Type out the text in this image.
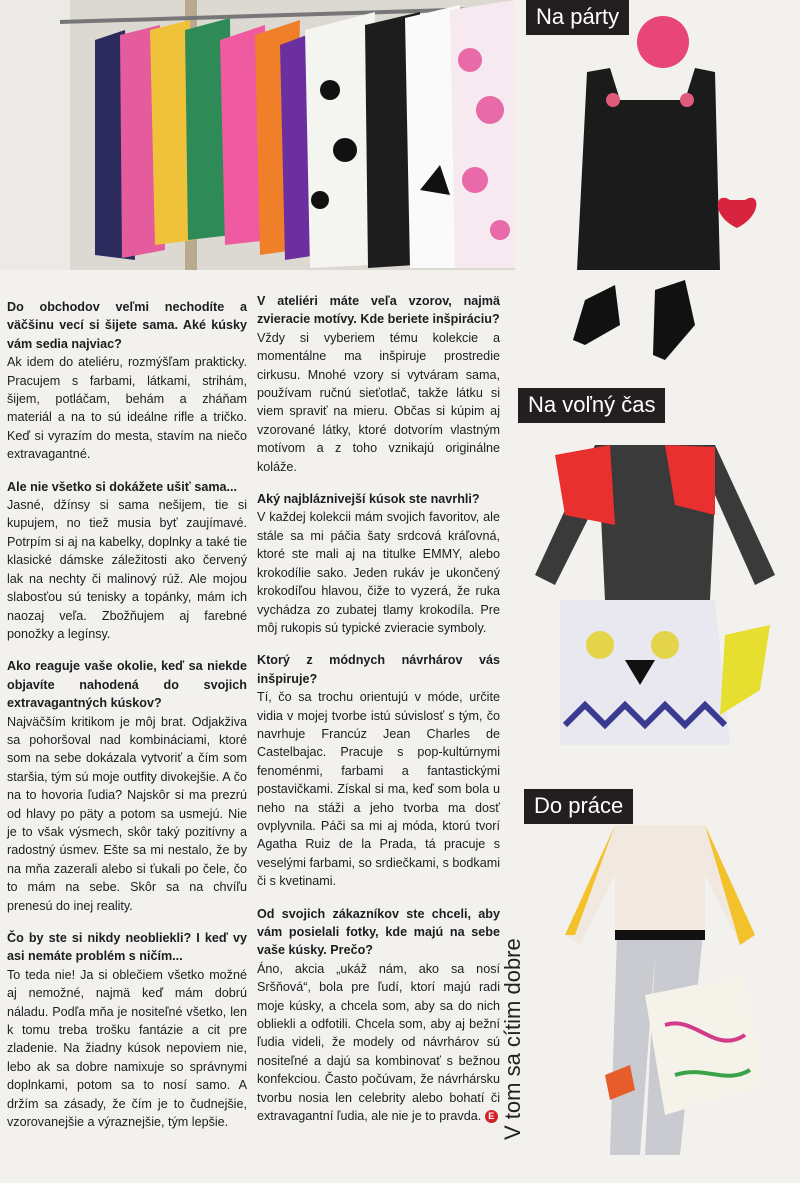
Do obchodov veľmi nechodíte a väčšinu vecí si šijete sama. Aké kúsky vám sedia najviac?
Ak idem do ateliéru, rozmýšľam prakticky. Pracujem s farbami, látkami, strihám, šijem, potláčam, behám a zháňam materiál a na to sú ideálne rifle a tričko. Keď si vyrazím do mesta, stavím na niečo extravagantné.

Ale nie všetko si dokážete ušiť sama...
Jasné, džínsy si sama nešijem, tie si kupujem, no tiež musia byť zaujímavé. Potrpím si aj na kabelky, doplnky a také tie klasické dámske záležitosti ako červený lak na nechty či malinový rúž. Ale mojou slabosťou sú tenisky a topánky, mám ich naozaj veľa. Zbožňujem aj farebné ponožky a legínsy.

Ako reaguje vaše okolie, keď sa niekde objavíte nahodená do svojich extravagantných kúskov?
Najväčším kritikom je môj brat. Odjakživa sa pohoršoval nad kombináciami, ktoré som na sebe dokázala vytvoriť a čím som staršia, tým sú moje outfity divokejšie. A čo na to hovoria ľudia? Najskôr si ma prezrú od hlavy po päty a potom sa usmejú. Nie je to však výsmech, skôr taký pozitívny a radostný úsmev. Ešte sa mi nestalo, že by na mňa zazerali alebo si ťukali po čele, čo to mám na sebe. Skôr sa na chvíľu prenesú do inej reality.

Čo by ste si nikdy neobliekli? I keď vy asi nemáte problém s ničím...
To teda nie! Ja si oblečiem všetko možné aj nemožné, najmä keď mám dobrú náladu. Podľa mňa je nositeľné všetko, len k tomu treba trošku fantázie a cit pre zladenie. Na žiadny kúsok nepoviem nie, lebo ak sa dobre namixuje so správnymi doplnkami, potom sa to nosí samo. A držím sa zásady, že čím je to čudnejšie, vzorovanejšie a výraznejšie, tým lepšie.

V ateliéri máte veľa vzorov, najmä zvieracie motívy. Kde beriete inšpiráciu?
Vždy si vyberiem tému kolekcie a momentálne ma inšpiruje prostredie cirkusu. Mnohé vzory si vytváram sama, používam ručnú sieťotlač, takže látku si viem spraviť na mieru. Občas si kúpim aj vzorované látky, ktoré dotvorím vlastným motívom a z toho vznikajú originálne koláže.

Aký najbláznivejší kúsok ste navrhli?
V každej kolekcii mám svojich favoritov, ale stále sa mi páčia šaty srdcová kráľovná, ktoré ste mali aj na titulke EMMY, alebo krokodílie sako. Jeden rukáv je ukončený krokodíľou hlavou, čiže to vyzerá, že ruka vychádza zo zubatej tlamy krokodíla. Pre môj rukopis sú typické zvieracie symboly.

Ktorý z módnych návrhárov vás inšpiruje?
Tí, čo sa trochu orientujú v móde, určite vidia v mojej tvorbe istú súvislosť s tým, čo navrhuje Francúz Jean Charles de Castelbajac. Pracuje s pop-kultúrnymi fenoménmi, farbami a fantastickými postavičkami. Získal si ma, keď som bola u neho na stáži a jeho tvorba ma dosť ovplyvnila. Páči sa mi aj móda, ktorú tvorí Agatha Ruiz de la Prada, tá pracuje s veselými farbami, so srdiečkami, s bodkami či s kvetinami.

Od svojich zákazníkov ste chceli, aby vám posielali fotky, kde majú na sebe vaše kúsky. Prečo?
Áno, akcia „ukáž nám, ako sa nosí Sršňová“, bola pre ľudí, ktorí majú radi moje kúsky, a chcela som, aby sa do nich obliekli a odfotili. Chcela som, aby aj bežní ľudia videli, že modely od návrhárov sú nositeľné a dajú sa kombinovať s bežnou konfekciou. Často počúvam, že návrhársku tvorbu nosia len celebrity alebo bohatí či extravagantní ľudia, ale nie je to pravda. E V tom sa cítim dobre
Na párty
Na voľný čas
Do práce
